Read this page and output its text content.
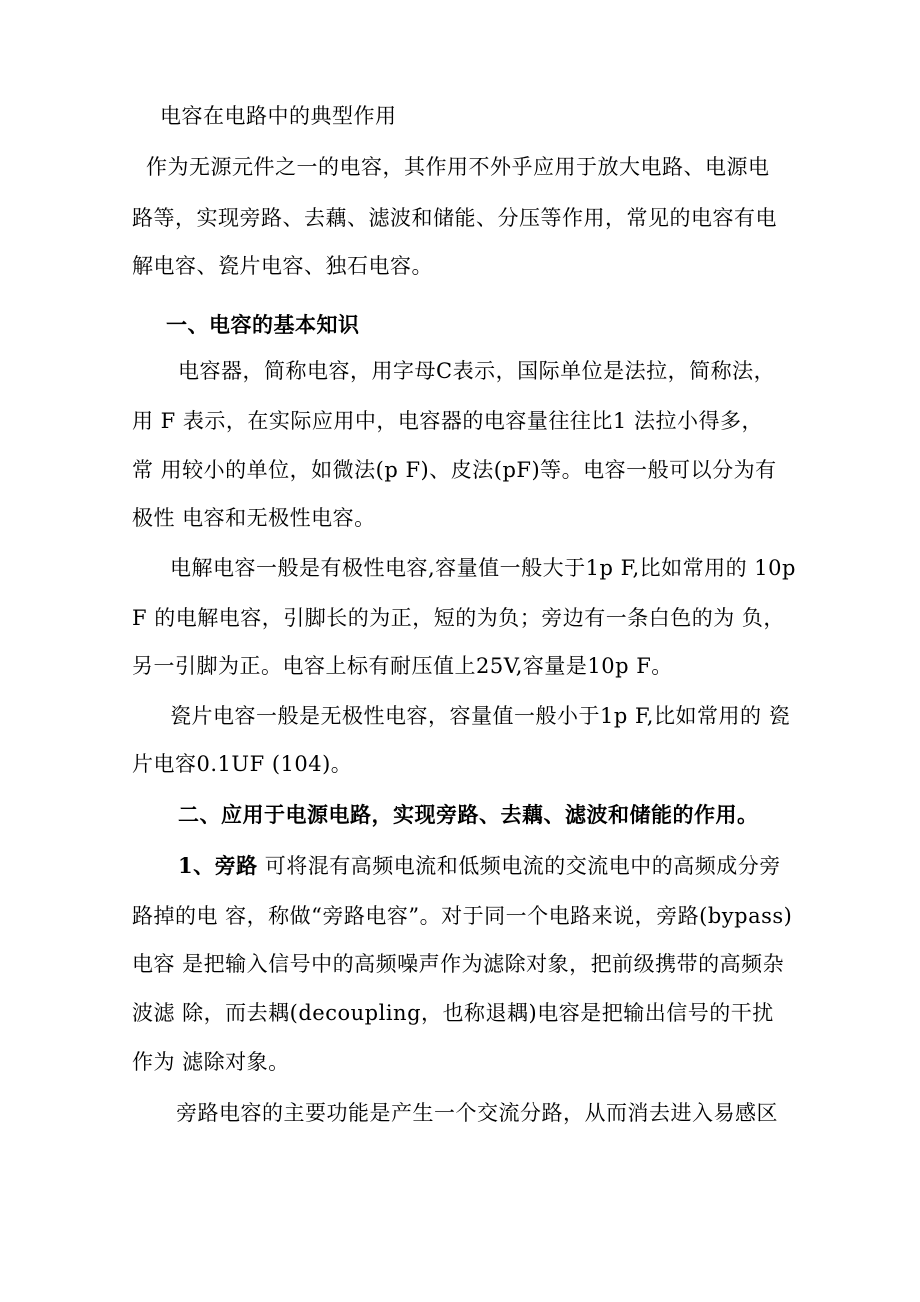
电容在电路中的典型作用
作为无源元件之一的电容，其作用不外乎应用于放大电路、电源电
路等，实现旁路、去藕、滤波和储能、分压等作用，常见的电容有电
解电容、瓷片电容、独石电容。
一、电容的基本知识
电容器，简称电容，用字母C表示，国际单位是法拉，简称法，
用 F 表示，在实际应用中，电容器的电容量往往比1 法拉小得多，
常 用较小的单位，如微法(p F)、皮法(pF)等。电容一般可以分为有
极性 电容和无极性电容。
电解电容一般是有极性电容,容量值一般大于1p F,比如常用的 10p
F 的电解电容，引脚长的为正，短的为负；旁边有一条白色的为 负，
另一引脚为正。电容上标有耐压值上25V,容量是10p F。
瓷片电容一般是无极性电容，容量值一般小于1p F,比如常用的 瓷
片电容0.1UF (104)。
二、应用于电源电路，实现旁路、去藕、滤波和储能的作用。
1、旁路 可将混有高频电流和低频电流的交流电中的高频成分旁
路掉的电 容，称做“旁路电容”。对于同一个电路来说，旁路(bypass)
电容 是把输入信号中的高频噪声作为滤除对象，把前级携带的高频杂
波滤 除，而去耦(decoupling，也称退耦)电容是把输出信号的干扰
作为 滤除对象。
旁路电容的主要功能是产生一个交流分路，从而消去进入易感区
